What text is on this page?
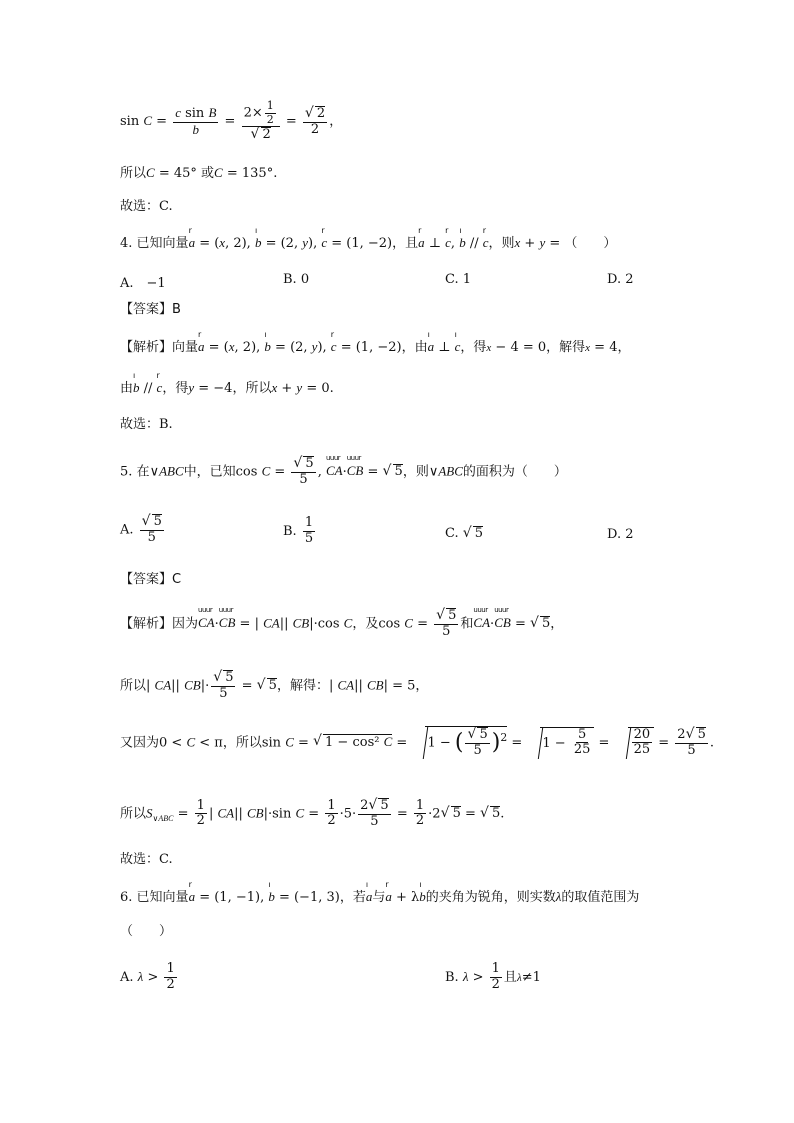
$\sin C = \frac{\text{c sin B}}{b} = 2\times \frac{1}{2}$
√ 2 =
√ $\frac{2}{2}$ ，
所以C = 45° 或C = 135°.
故选：C.
4. 已知向量r a = (x, 2), ı b = (2, y), r c = (1, −2)，且r a ⊥ r c, ı b // r c，则x + y = （　　）
A.　−1	B. 0	C. 1	D. 2
【答案】B
【解析】向量r a = (x, 2), ı b = (2, y), r c = (1, −2)，由ı a ⊥ ı c，得x − 4 = 0，解得x = 4，
由ı b // r c，得y = −4，所以x + y = 0.
故选：B.
5. 在∨ABC中，已知cos C =
√ $\frac{5}{5}$ , uuur CA·uuur CB = √ 5，则∨ABC的面积为（　　）
A.
√ $\frac{5}{5}$	B. $\frac{1}{5}$	C. √ 5	D. 2
【答案】C
【解析】因为uuur CA·uuur CB = | CA|| CB|·cos C，及cos C =
√ $\frac{5}{5}$ 和uuur CA·uuur CB = √ 5，
所以| CA|| CB|·
√ $\frac{5}{5}$ = √ 5，解得：| CA|| CB| = 5，
又因为0 < C < π，所以sin C = √ 1 − cos² C = 1 − (
√ $\frac{5}{5} )^2 = 1 - \frac{5}{25} = \frac{20}{25} = \frac{2√ 5}{5}$ .
所以$S_{\vee ABC} = \frac{1}{2}$ | CA|| CB|·sin $C = \frac{1}{2} \cdot 5\cdot \frac{2√ 5}{5} = \frac{1}{2} \cdot 2√$ 5 = √ 5.
故选：C.
6. 已知向量r a = (1, −1), ı b = (−1, 3)，若ı a与r a + λı b的夹角为锐角，则实数λ的取值范围为
（　　）
A. $\lambda > \frac{1}{2}$	B. $\lambda > \frac{1}{2}$ 且λ≠1
